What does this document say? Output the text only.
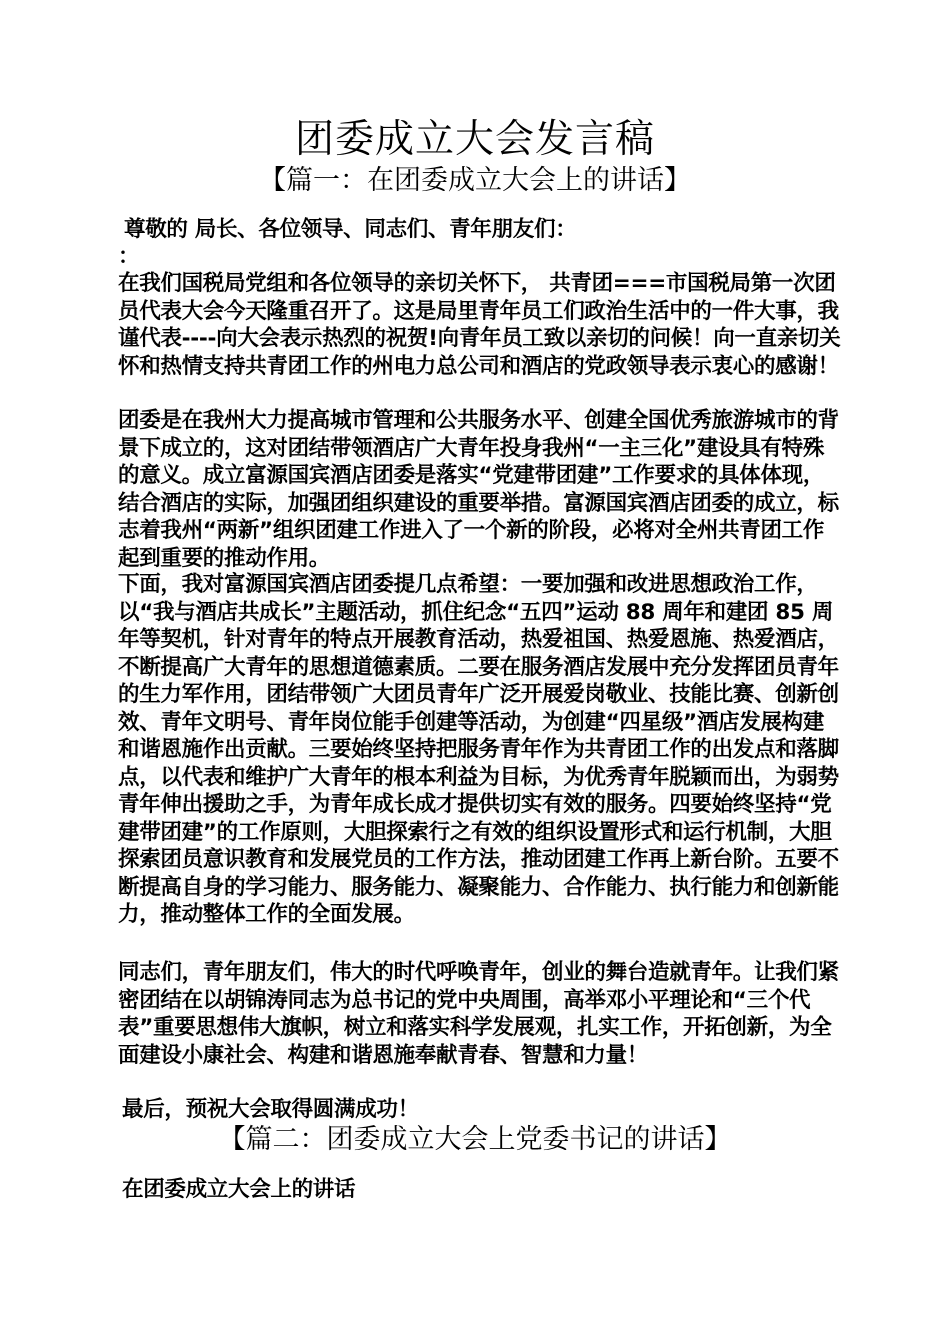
团委成立大会发言稿
【篇一：在团委成立大会上的讲话】
尊敬的 局长、各位领导、同志们、青年朋友们：
：
在我们国税局党组和各位领导的亲切关怀下， 共青团===市国税局第一次团员代表大会今天隆重召开了。这是局里青年员工们政治生活中的一件大事，我谨代表----向大会表示热烈的祝贺!向青年员工致以亲切的问候！向一直亲切关怀和热情支持共青团工作的州电力总公司和酒店的党政领导表示衷心的感谢！
团委是在我州大力提高城市管理和公共服务水平、创建全国优秀旅游城市的背景下成立的，这对团结带领酒店广大青年投身我州“一主三化”建设具有特殊的意义。成立富源国宾酒店团委是落实“党建带团建”工作要求的具体体现，结合酒店的实际，加强团组织建设的重要举措。富源国宾酒店团委的成立，标志着我州“两新”组织团建工作进入了一个新的阶段，必将对全州共青团工作起到重要的推动作用。
下面，我对富源国宾酒店团委提几点希望：一要加强和改进思想政治工作，以“我与酒店共成长”主题活动，抓住纪念“五四”运动 88 周年和建团 85 周年等契机，针对青年的特点开展教育活动，热爱祖国、热爱恩施、热爱酒店，不断提高广大青年的思想道德素质。二要在服务酒店发展中充分发挥团员青年的生力军作用，团结带领广大团员青年广泛开展爱岗敬业、技能比赛、创新创效、青年文明号、青年岗位能手创建等活动，为创建“四星级”酒店发展构建和谐恩施作出贡献。三要始终坚持把服务青年作为共青团工作的出发点和落脚点，以代表和维护广大青年的根本利益为目标，为优秀青年脱颖而出，为弱势青年伸出援助之手，为青年成长成才提供切实有效的服务。四要始终坚持“党建带团建”的工作原则，大胆探索行之有效的组织设置形式和运行机制，大胆探索团员意识教育和发展党员的工作方法，推动团建工作再上新台阶。五要不断提高自身的学习能力、服务能力、凝聚能力、合作能力、执行能力和创新能力，推动整体工作的全面发展。
同志们，青年朋友们，伟大的时代呼唤青年，创业的舞台造就青年。让我们紧密团结在以胡锦涛同志为总书记的党中央周围，高举邓小平理论和“三个代表”重要思想伟大旗帜，树立和落实科学发展观，扎实工作，开拓创新，为全面建设小康社会、构建和谐恩施奉献青春、智慧和力量！
最后，预祝大会取得圆满成功！
【篇二：团委成立大会上党委书记的讲话】
在团委成立大会上的讲话
